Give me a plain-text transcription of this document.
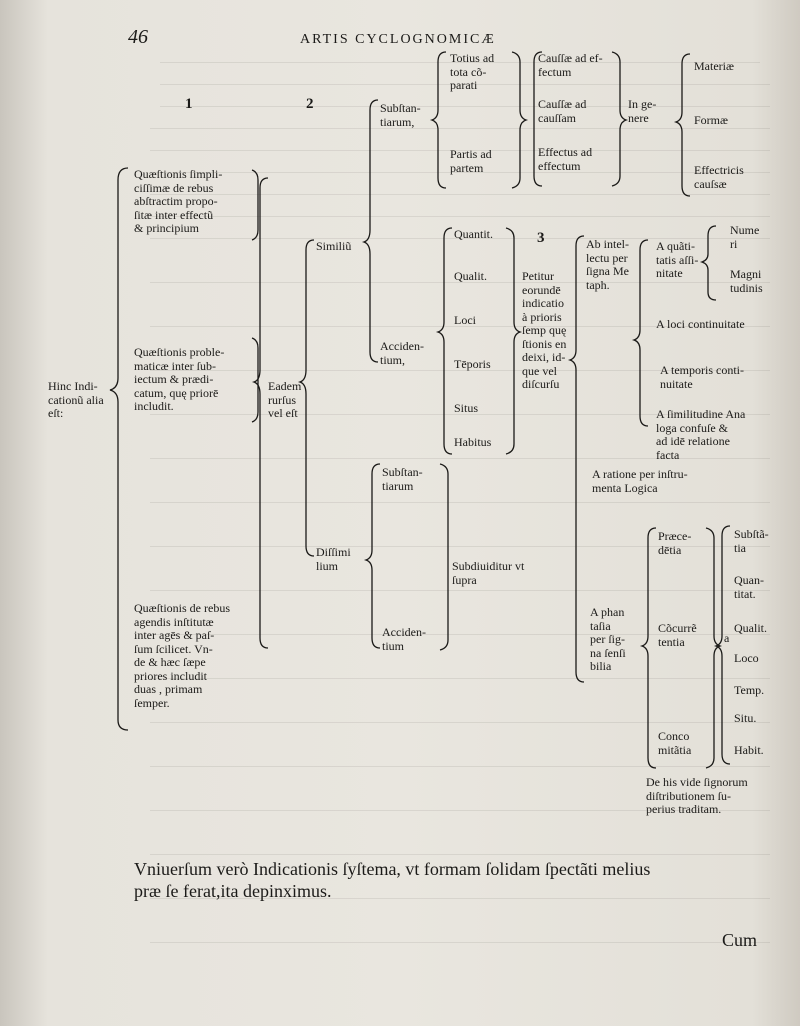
46	ARTIS CYCLOGNOMICÆ
1	2
3
Hinc Indi-
cationũ alia
eſt:
Quæſtionis ſimpli-
ciſſimæ de rebus
abſtractim propo-
ſitæ inter effectũ
& principium
Quæſtionis proble-
maticæ inter ſub-
iectum & prædi-
catum, quę priorē
includit.
Quæſtionis de rebus
agendis inſtitutæ
inter agēs & paſ-
ſum ſcilicet. Vn-
de & hæc ſæpe
priores includit
duas , primam
ſemper.
Eadem
rurſus
vel eſt
Similiũ
Diſſimi
lium
Subſtan-
tiarum,
Acciden-
tium,
Subſtan-
tiarum
Acciden-
tium
Totius ad
tota cõ-
parati
Partis ad
partem
Cauſſæ ad ef-
fectum
Cauſſæ ad
cauſſam
Effectus ad
effectum
In ge-
nere
Materiæ
Formæ
Effectricis
cauſsæ
Quantit.
Qualit.
Loci
Tēporis
Situs
Habitus
Petitur
eorundē
indicatio
à prioris
ſemp quę
ſtionis en
deixi, id-
que vel
diſcurſu
Subdiuiditur vt
ſupra
Ab intel-
lectu per
ſigna Me
taph.
A quãti-
tatis aſſi-
nitate
Nume
ri
Magni
tudinis
A loci continuitate
A temporis conti-
nuitate
A ſimilitudine Ana
loga confuſe &
ad idē relatione
facta
A ratione per inſtru-
menta Logica
A phan
taſia
per ſig-
na ſenſi
bilia
Præce-
dētia
Cõcurrẽ
tentia
Conco
mitãtia
a
Subſtã-
tia
Quan-
titat.
Qualit.
Loco
Temp.
Situ.
Habit.
De his vide ſignorum
diſtributionem ſu-
perius traditam.
Vniuerſum verò Indicationis ſyſtema, vt formam ſolidam ſpectãti melius
præ ſe ferat,ita depinximus.
Cum
